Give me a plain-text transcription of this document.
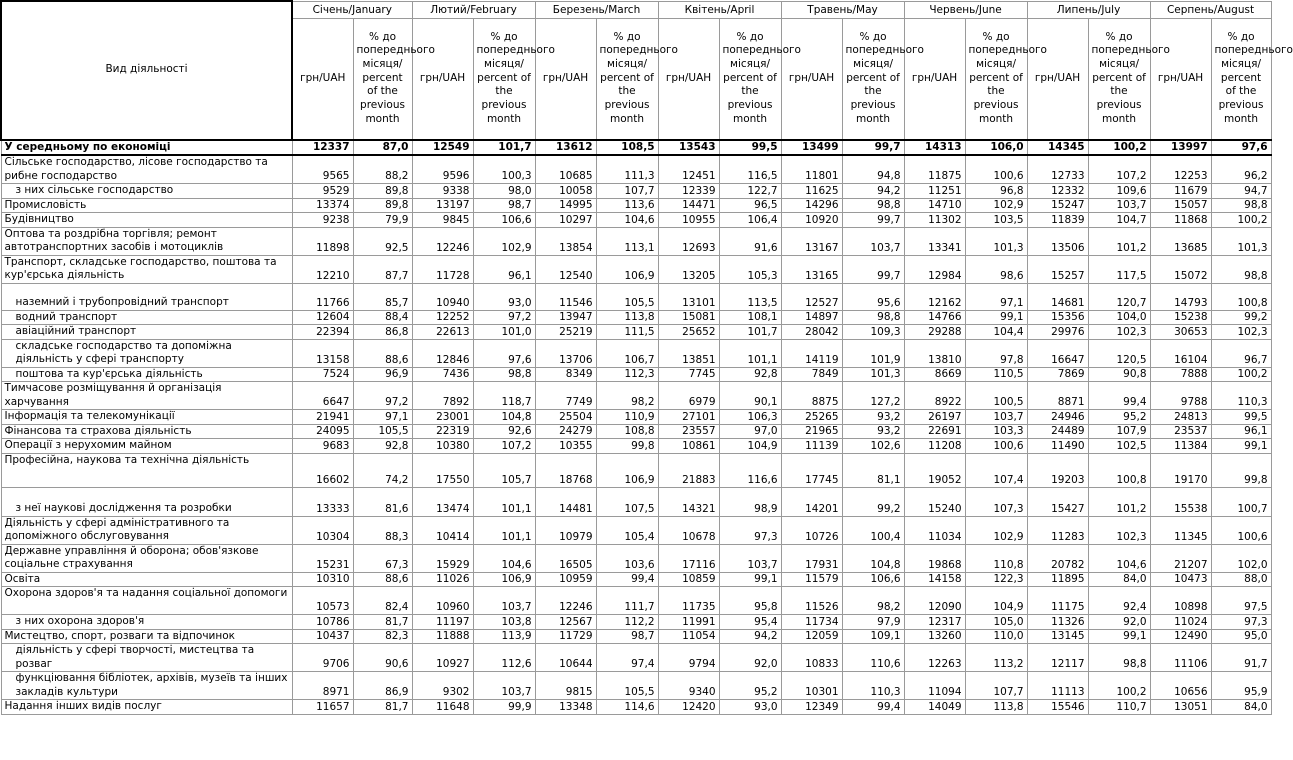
Вид діяльності	Січень/January		Лютий/February		Березень/March		Квітень/April		Травень/May		Червень/June		Липень/July		Серпень/August	
	грн/UAH	% до попереднього місяця/ percent of the previous month	грн/UAH	% до попереднього місяця/ percent of the previous month	грн/UAH	% до попереднього місяця/ percent of the previous month	грн/UAH	% до попереднього місяця/ percent of the previous month	грн/UAH	% до попереднього місяця/ percent of the previous month	грн/UAH	% до попереднього місяця/ percent of the previous month	грн/UAH	% до попереднього місяця/ percent of the previous month	грн/UAH	% до попереднього місяця/ percent of the previous month
У середньому по економіці	12337	87,0	12549	101,7	13612	108,5	13543	99,5	13499	99,7	14313	106,0	14345	100,2	13997	97,6
Сільське господарство, лісове господарство та рибне господарство	9565	88,2	9596	100,3	10685	111,3	12451	116,5	11801	94,8	11875	100,6	12733	107,2	12253	96,2
з них сільське господарство	9529	89,8	9338	98,0	10058	107,7	12339	122,7	11625	94,2	11251	96,8	12332	109,6	11679	94,7
Промисловість	13374	89,8	13197	98,7	14995	113,6	14471	96,5	14296	98,8	14710	102,9	15247	103,7	15057	98,8
Будівництво	9238	79,9	9845	106,6	10297	104,6	10955	106,4	10920	99,7	11302	103,5	11839	104,7	11868	100,2
Оптова та роздрібна торгівля; ремонт автотранспортних засобів і мотоциклів	11898	92,5	12246	102,9	13854	113,1	12693	91,6	13167	103,7	13341	101,3	13506	101,2	13685	101,3
Транспорт, складське господарство, поштова та кур'єрська діяльність	12210	87,7	11728	96,1	12540	106,9	13205	105,3	13165	99,7	12984	98,6	15257	117,5	15072	98,8
наземний і трубопровідний транспорт	11766	85,7	10940	93,0	11546	105,5	13101	113,5	12527	95,6	12162	97,1	14681	120,7	14793	100,8
водний транспорт	12604	88,4	12252	97,2	13947	113,8	15081	108,1	14897	98,8	14766	99,1	15356	104,0	15238	99,2
авіаційний транспорт	22394	86,8	22613	101,0	25219	111,5	25652	101,7	28042	109,3	29288	104,4	29976	102,3	30653	102,3
складське господарство та допоміжна діяльність у сфері транспорту	13158	88,6	12846	97,6	13706	106,7	13851	101,1	14119	101,9	13810	97,8	16647	120,5	16104	96,7
поштова та кур'єрська діяльність	7524	96,9	7436	98,8	8349	112,3	7745	92,8	7849	101,3	8669	110,5	7869	90,8	7888	100,2
Тимчасове розміщування й організація харчування	6647	97,2	7892	118,7	7749	98,2	6979	90,1	8875	127,2	8922	100,5	8871	99,4	9788	110,3
Інформація та телекомунікації	21941	97,1	23001	104,8	25504	110,9	27101	106,3	25265	93,2	26197	103,7	24946	95,2	24813	99,5
Фінансова та страхова діяльність	24095	105,5	22319	92,6	24279	108,8	23557	97,0	21965	93,2	22691	103,3	24489	107,9	23537	96,1
Операції з нерухомим майном	9683	92,8	10380	107,2	10355	99,8	10861	104,9	11139	102,6	11208	100,6	11490	102,5	11384	99,1
Професійна, наукова та технічна діяльність	16602	74,2	17550	105,7	18768	106,9	21883	116,6	17745	81,1	19052	107,4	19203	100,8	19170	99,8
з неї наукові дослідження та розробки	13333	81,6	13474	101,1	14481	107,5	14321	98,9	14201	99,2	15240	107,3	15427	101,2	15538	100,7
Діяльність у сфері адміністративного та допоміжного обслуговування	10304	88,3	10414	101,1	10979	105,4	10678	97,3	10726	100,4	11034	102,9	11283	102,3	11345	100,6
Державне управління й оборона; обов'язкове соціальне страхування	15231	67,3	15929	104,6	16505	103,6	17116	103,7	17931	104,8	19868	110,8	20782	104,6	21207	102,0
Освіта	10310	88,6	11026	106,9	10959	99,4	10859	99,1	11579	106,6	14158	122,3	11895	84,0	10473	88,0
Охорона здоров'я та надання соціальної допомоги	10573	82,4	10960	103,7	12246	111,7	11735	95,8	11526	98,2	12090	104,9	11175	92,4	10898	97,5
з них охорона здоров'я	10786	81,7	11197	103,8	12567	112,2	11991	95,4	11734	97,9	12317	105,0	11326	92,0	11024	97,3
Мистецтво, спорт, розваги та відпочинок	10437	82,3	11888	113,9	11729	98,7	11054	94,2	12059	109,1	13260	110,0	13145	99,1	12490	95,0
діяльність у сфері творчості, мистецтва та розваг	9706	90,6	10927	112,6	10644	97,4	9794	92,0	10833	110,6	12263	113,2	12117	98,8	11106	91,7
функціювання бібліотек, архівів, музеїв та інших закладів культури	8971	86,9	9302	103,7	9815	105,5	9340	95,2	10301	110,3	11094	107,7	11113	100,2	10656	95,9
Надання інших видів послуг	11657	81,7	11648	99,9	13348	114,6	12420	93,0	12349	99,4	14049	113,8	15546	110,7	13051	84,0
